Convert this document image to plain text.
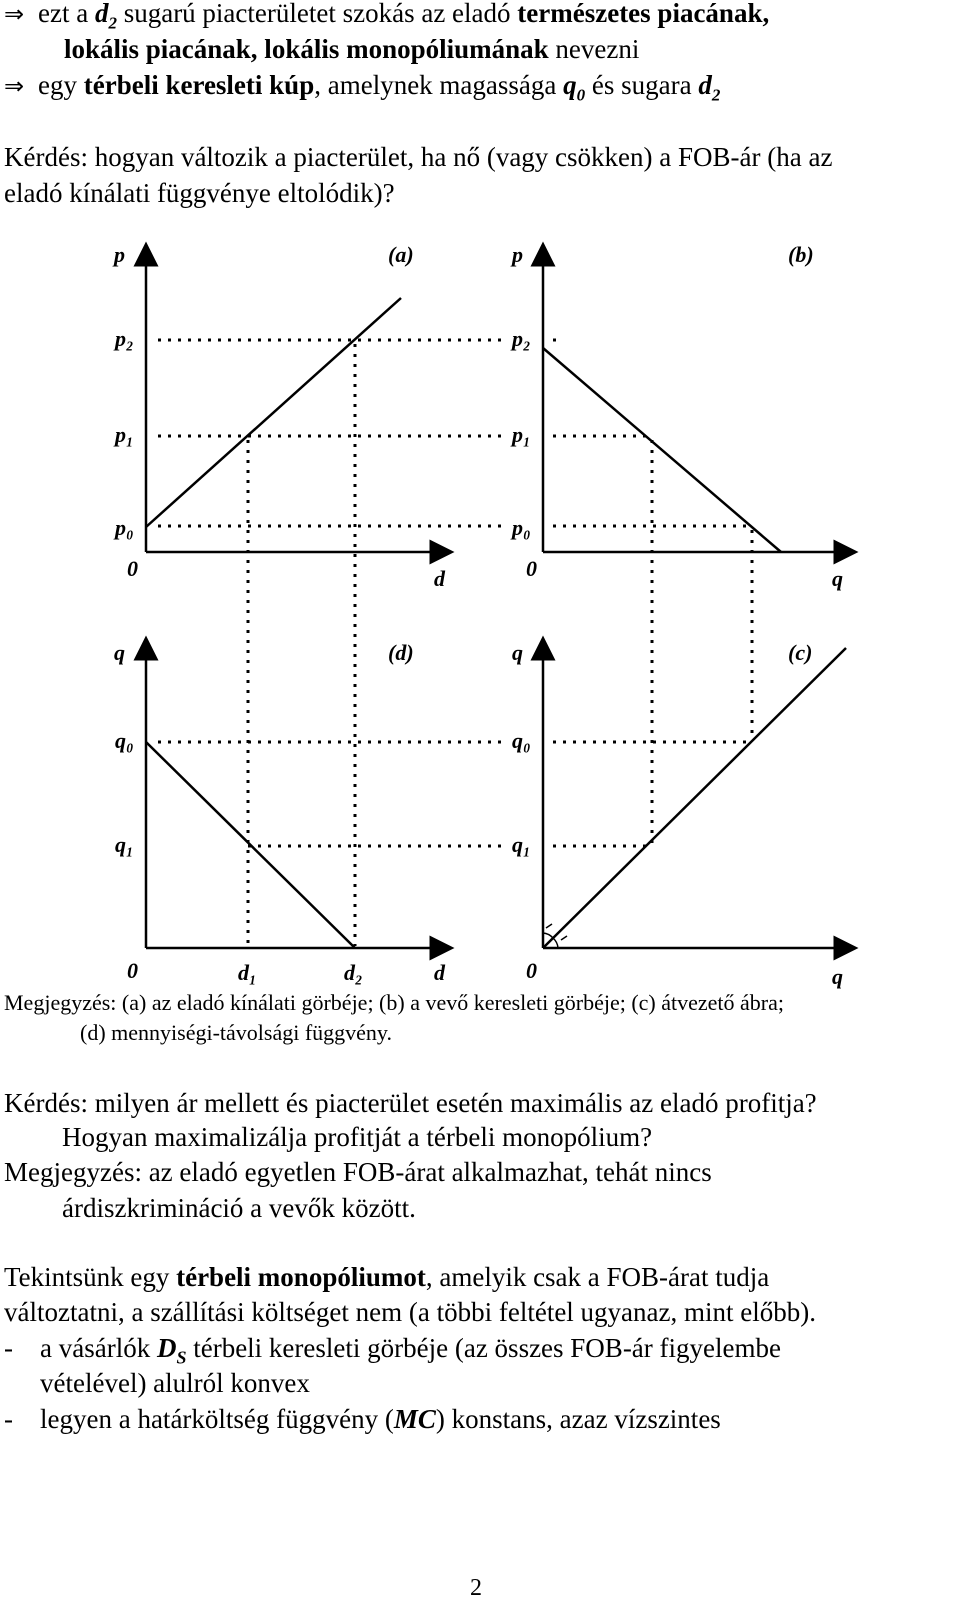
⇒ ezt a $d_2$ sugarú piacterületet szokás az eladó természetes piacának,
lokális piacának, lokális monopóliumának nevezni
⇒ egy térbeli keresleti kúp, amelynek magassága $q_0$ és sugara $d_2$
Kérdés: hogyan változik a piacterület, ha nő (vagy csökken) a FOB-ár (ha az
eladó kínálati függvénye eltolódik)?
p	(a)
p₂
p₁
p₀
0	d
p	(b)
p₂
p₁
p₀
0	q
q	(d)
q₀
q₁
0	d₁	d₂	d
q	(c)
q₀
q₁
0	q
Megjegyzés: (a) az eladó kínálati görbéje; (b) a vevő keresleti görbéje; (c) átvezető ábra;
(d) mennyiségi-távolsági függvény.
Kérdés: milyen ár mellett és piacterület esetén maximális az eladó profitja?
Hogyan maximalizálja profitját a térbeli monopólium?
Megjegyzés: az eladó egyetlen FOB-árat alkalmazhat, tehát nincs
árdiszkrimináció a vevők között.
Tekintsünk egy térbeli monopóliumot, amelyik csak a FOB-árat tudja
változtatni, a szállítási költséget nem (a többi feltétel ugyanaz, mint előbb).
- a vásárlók $D_S$ térbeli keresleti görbéje (az összes FOB-ár figyelembe
vételével) alulról konvex
- legyen a határköltség függvény (MC) konstans, azaz vízszintes
2
